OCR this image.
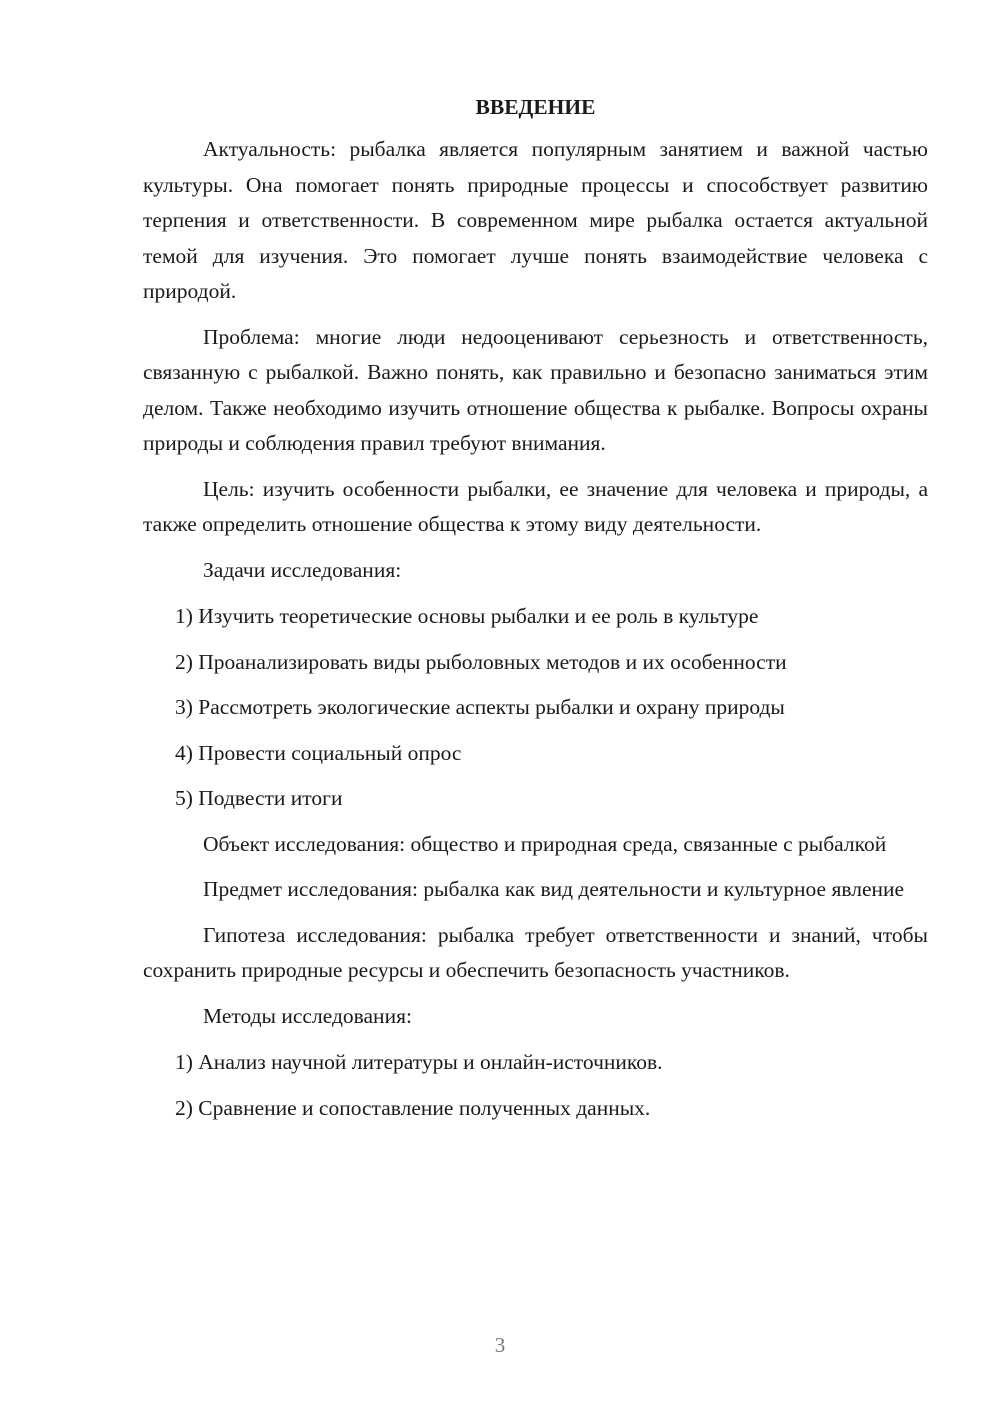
ВВЕДЕНИЕ

Актуальность: рыбалка является популярным занятием и важной частью культуры. Она помогает понять природные процессы и способствует развитию терпения и ответственности. В современном мире рыбалка остается актуальной темой для изучения. Это помогает лучше понять взаимодействие человека с природой.

Проблема: многие люди недооценивают серьезность и ответственность, связанную с рыбалкой. Важно понять, как правильно и безопасно заниматься этим делом. Также необходимо изучить отношение общества к рыбалке. Вопросы охраны природы и соблюдения правил требуют внимания.

Цель: изучить особенности рыбалки, ее значение для человека и природы, а также определить отношение общества к этому виду деятельности.

Задачи исследования:

1) Изучить теоретические основы рыбалки и ее роль в культуре
2) Проанализировать виды рыболовных методов и их особенности
3) Рассмотреть экологические аспекты рыбалки и охрану природы
4) Провести социальный опрос
5) Подвести итоги

Объект исследования: общество и природная среда, связанные с рыбалкой

Предмет исследования: рыбалка как вид деятельности и культурное явление

Гипотеза исследования: рыбалка требует ответственности и знаний, чтобы сохранить природные ресурсы и обеспечить безопасность участников.

Методы исследования:

1) Анализ научной литературы и онлайн-источников.
2) Сравнение и сопоставление полученных данных.
3
